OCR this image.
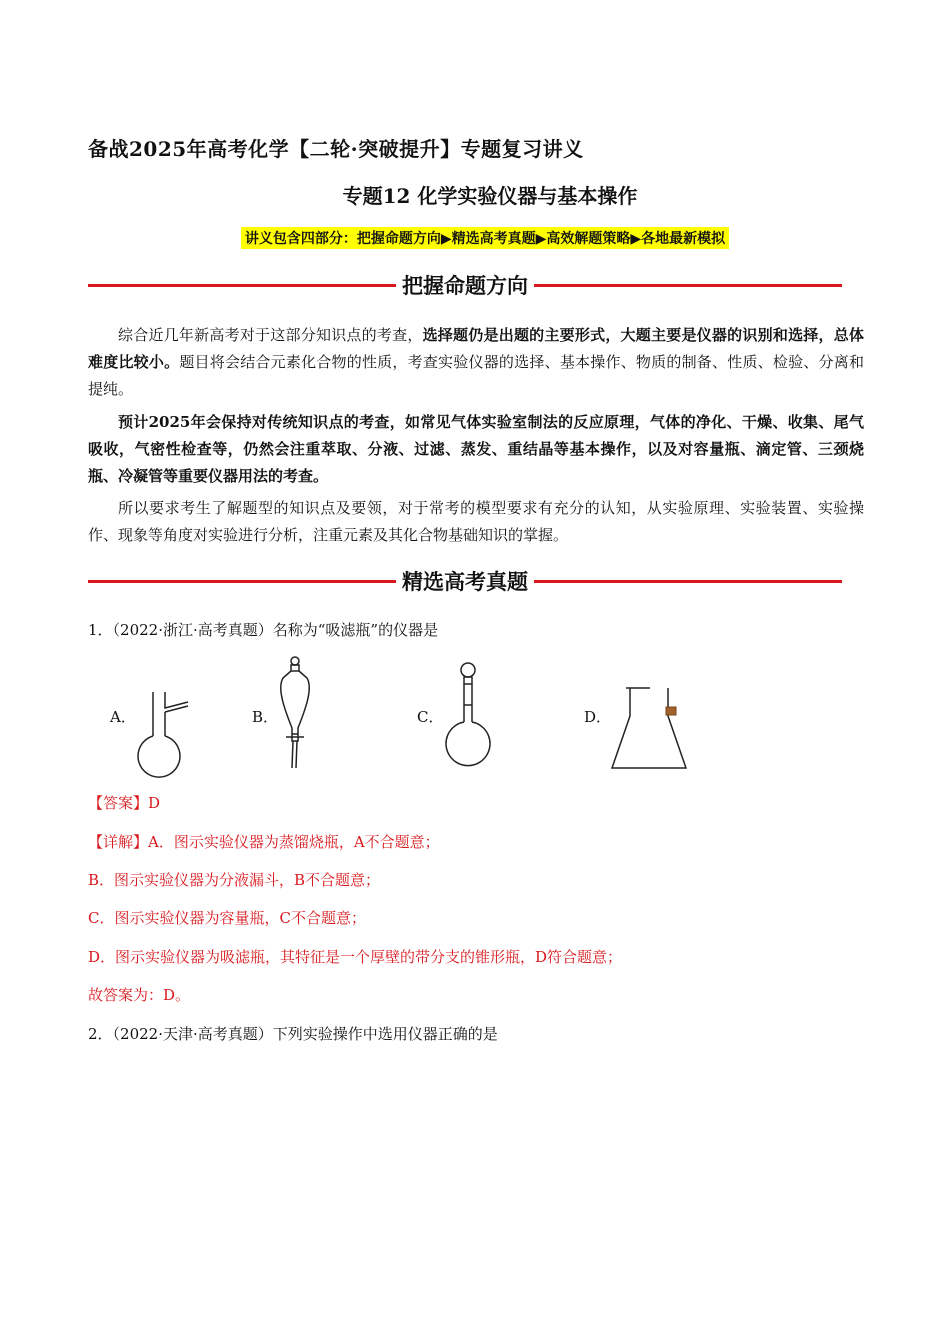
备战2025年高考化学【二轮·突破提升】专题复习讲义
专题12 化学实验仪器与基本操作
讲义包含四部分：把握命题方向▶精选高考真题▶高效解题策略▶各地最新模拟
把握命题方向

综合近几年新高考对于这部分知识点的考查，选择题仍是出题的主要形式，大题主要是仪器的识别和选择，总体难度比较小。题目将会结合元素化合物的性质，考查实验仪器的选择、基本操作、物质的制备、性质、检验、分离和提纯。

预计2025年会保持对传统知识点的考查，如常见气体实验室制法的反应原理，气体的净化、干燥、收集、尾气吸收，气密性检查等，仍然会注重萃取、分液、过滤、蒸发、重结晶等基本操作，以及对容量瓶、滴定管、三颈烧瓶、冷凝管等重要仪器用法的考查。

所以要求考生了解题型的知识点及要领，对于常考的模型要求有充分的认知，从实验原理、实验装置、实验操作、现象等角度对实验进行分析，注重元素及其化合物基础知识的掌握。

精选高考真题

1．（2022·浙江·高考真题）名称为“吸滤瓶”的仪器是

A．	B．	C．	D．

【答案】D

【详解】A．图示实验仪器为蒸馏烧瓶，A不合题意；

B．图示实验仪器为分液漏斗，B不合题意；

C．图示实验仪器为容量瓶，C不合题意；

D．图示实验仪器为吸滤瓶，其特征是一个厚壁的带分支的锥形瓶，D符合题意；

故答案为：D。

2．（2022·天津·高考真题）下列实验操作中选用仪器正确的是
